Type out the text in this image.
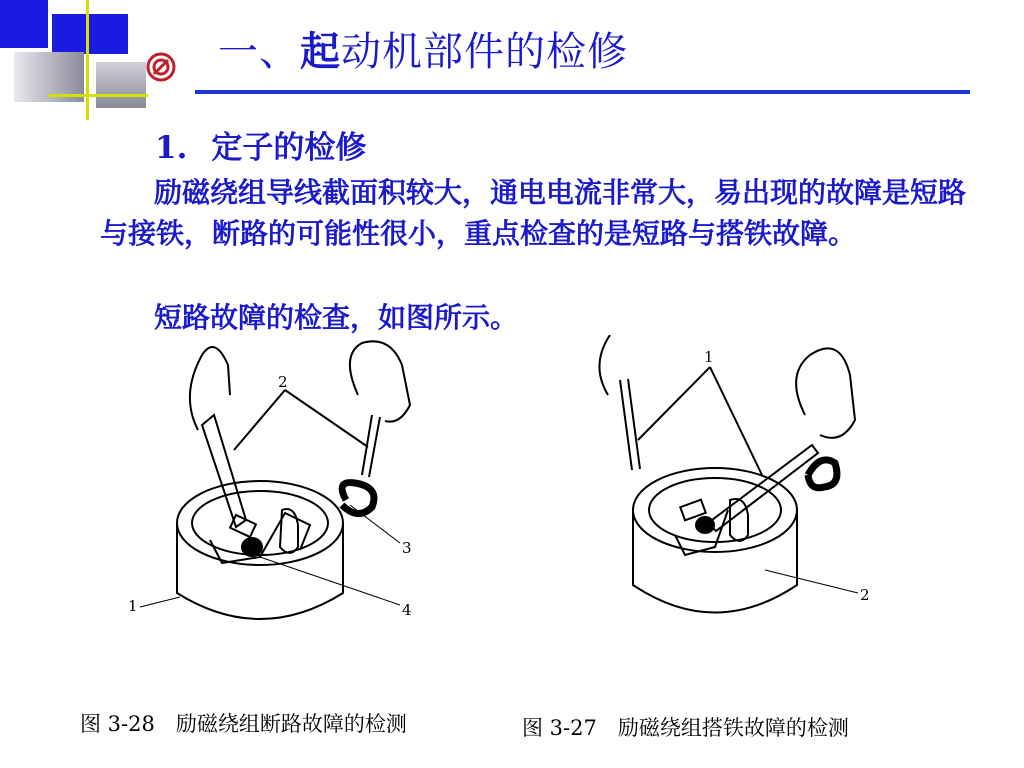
一、起动机部件的检修
1. 定子的检修

励磁绕组导线截面积较大，通电电流非常大，易出现的故障是短路与接铁，断路的可能性很小，重点检查的是短路与搭铁故障。

短路故障的检查，如图所示。

2
3
4
1
图 3-28　励磁绕组断路故障的检测
1
2
图 3-27　励磁绕组搭铁故障的检测
